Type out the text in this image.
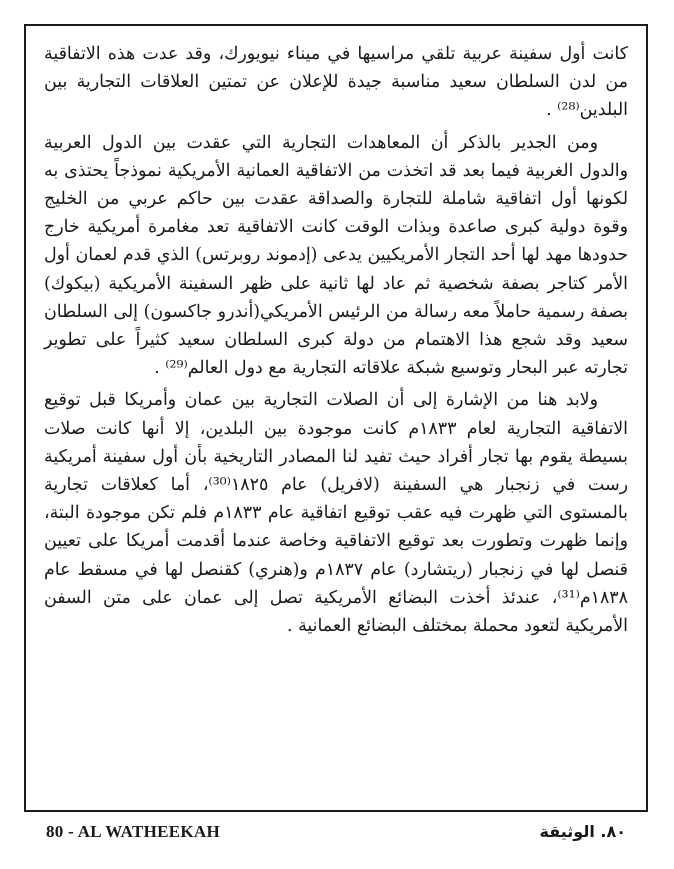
كانت أول سفينة عربية تلقي مراسيها في ميناء نيويورك، وقد عدت هذه الاتفاقية من لدن السلطان سعيد مناسبة جيدة للإعلان عن تمتين العلاقات التجارية بين البلدين⁽²⁸⁾ .

ومن الجدير بالذكر أن المعاهدات التجارية التي عقدت بين الدول العربية والدول الغربية فيما بعد قد اتخذت من الاتفاقية العمانية الأمريكية نموذجاً يحتذى به لكونها أول اتفاقية شاملة للتجارة والصداقة عقدت بين حاكم عربي من الخليج وقوة دولية كبرى صاعدة وبذات الوقت كانت الاتفاقية تعد مغامرة أمريكية خارج حدودها مهد لها أحد التجار الأمريكيين يدعى (إدموند روبرتس) الذي قدم لعمان أول الأمر كتاجر بصفة شخصية ثم عاد لها ثانية على ظهر السفينة الأمريكية (بيكوك) بصفة رسمية حاملاً معه رسالة من الرئيس الأمريكي(أندرو جاكسون) إلى السلطان سعيد وقد شجع هذا الاهتمام من دولة كبرى السلطان سعيد كثيراً على تطوير تجارته عبر البحار وتوسيع شبكة علاقاته التجارية مع دول العالم⁽²⁹⁾ .

ولابد هنا من الإشارة إلى أن الصلات التجارية بين عمان وأمريكا قبل توقيع الاتفاقية التجارية لعام ١٨٣٣م كانت موجودة بين البلدين، إلا أنها كانت صلات بسيطة يقوم بها تجار أفراد حيث تفيد لنا المصادر التاريخية بأن أول سفينة أمريكية رست في زنجبار هي السفينة (لافريل) عام ١٨٢٥⁽³⁰⁾، أما كعلاقات تجارية بالمستوى التي ظهرت فيه عقب توقيع اتفاقية عام ١٨٣٣م فلم تكن موجودة البتة، وإنما ظهرت وتطورت بعد توقيع الاتفاقية وخاصة عندما أقدمت أمريكا على تعيين قنصل لها في زنجبار (ريتشارد) عام ١٨٣٧م و(هنري) كقنصل لها في مسقط عام ١٨٣٨م⁽³¹⁾، عندئذ أخذت البضائع الأمريكية تصل إلى عمان على متن السفن الأمريكية لتعود محملة بمختلف البضائع العمانية .

80 - AL WATHEEKAH	٨٠. الوثيقة
